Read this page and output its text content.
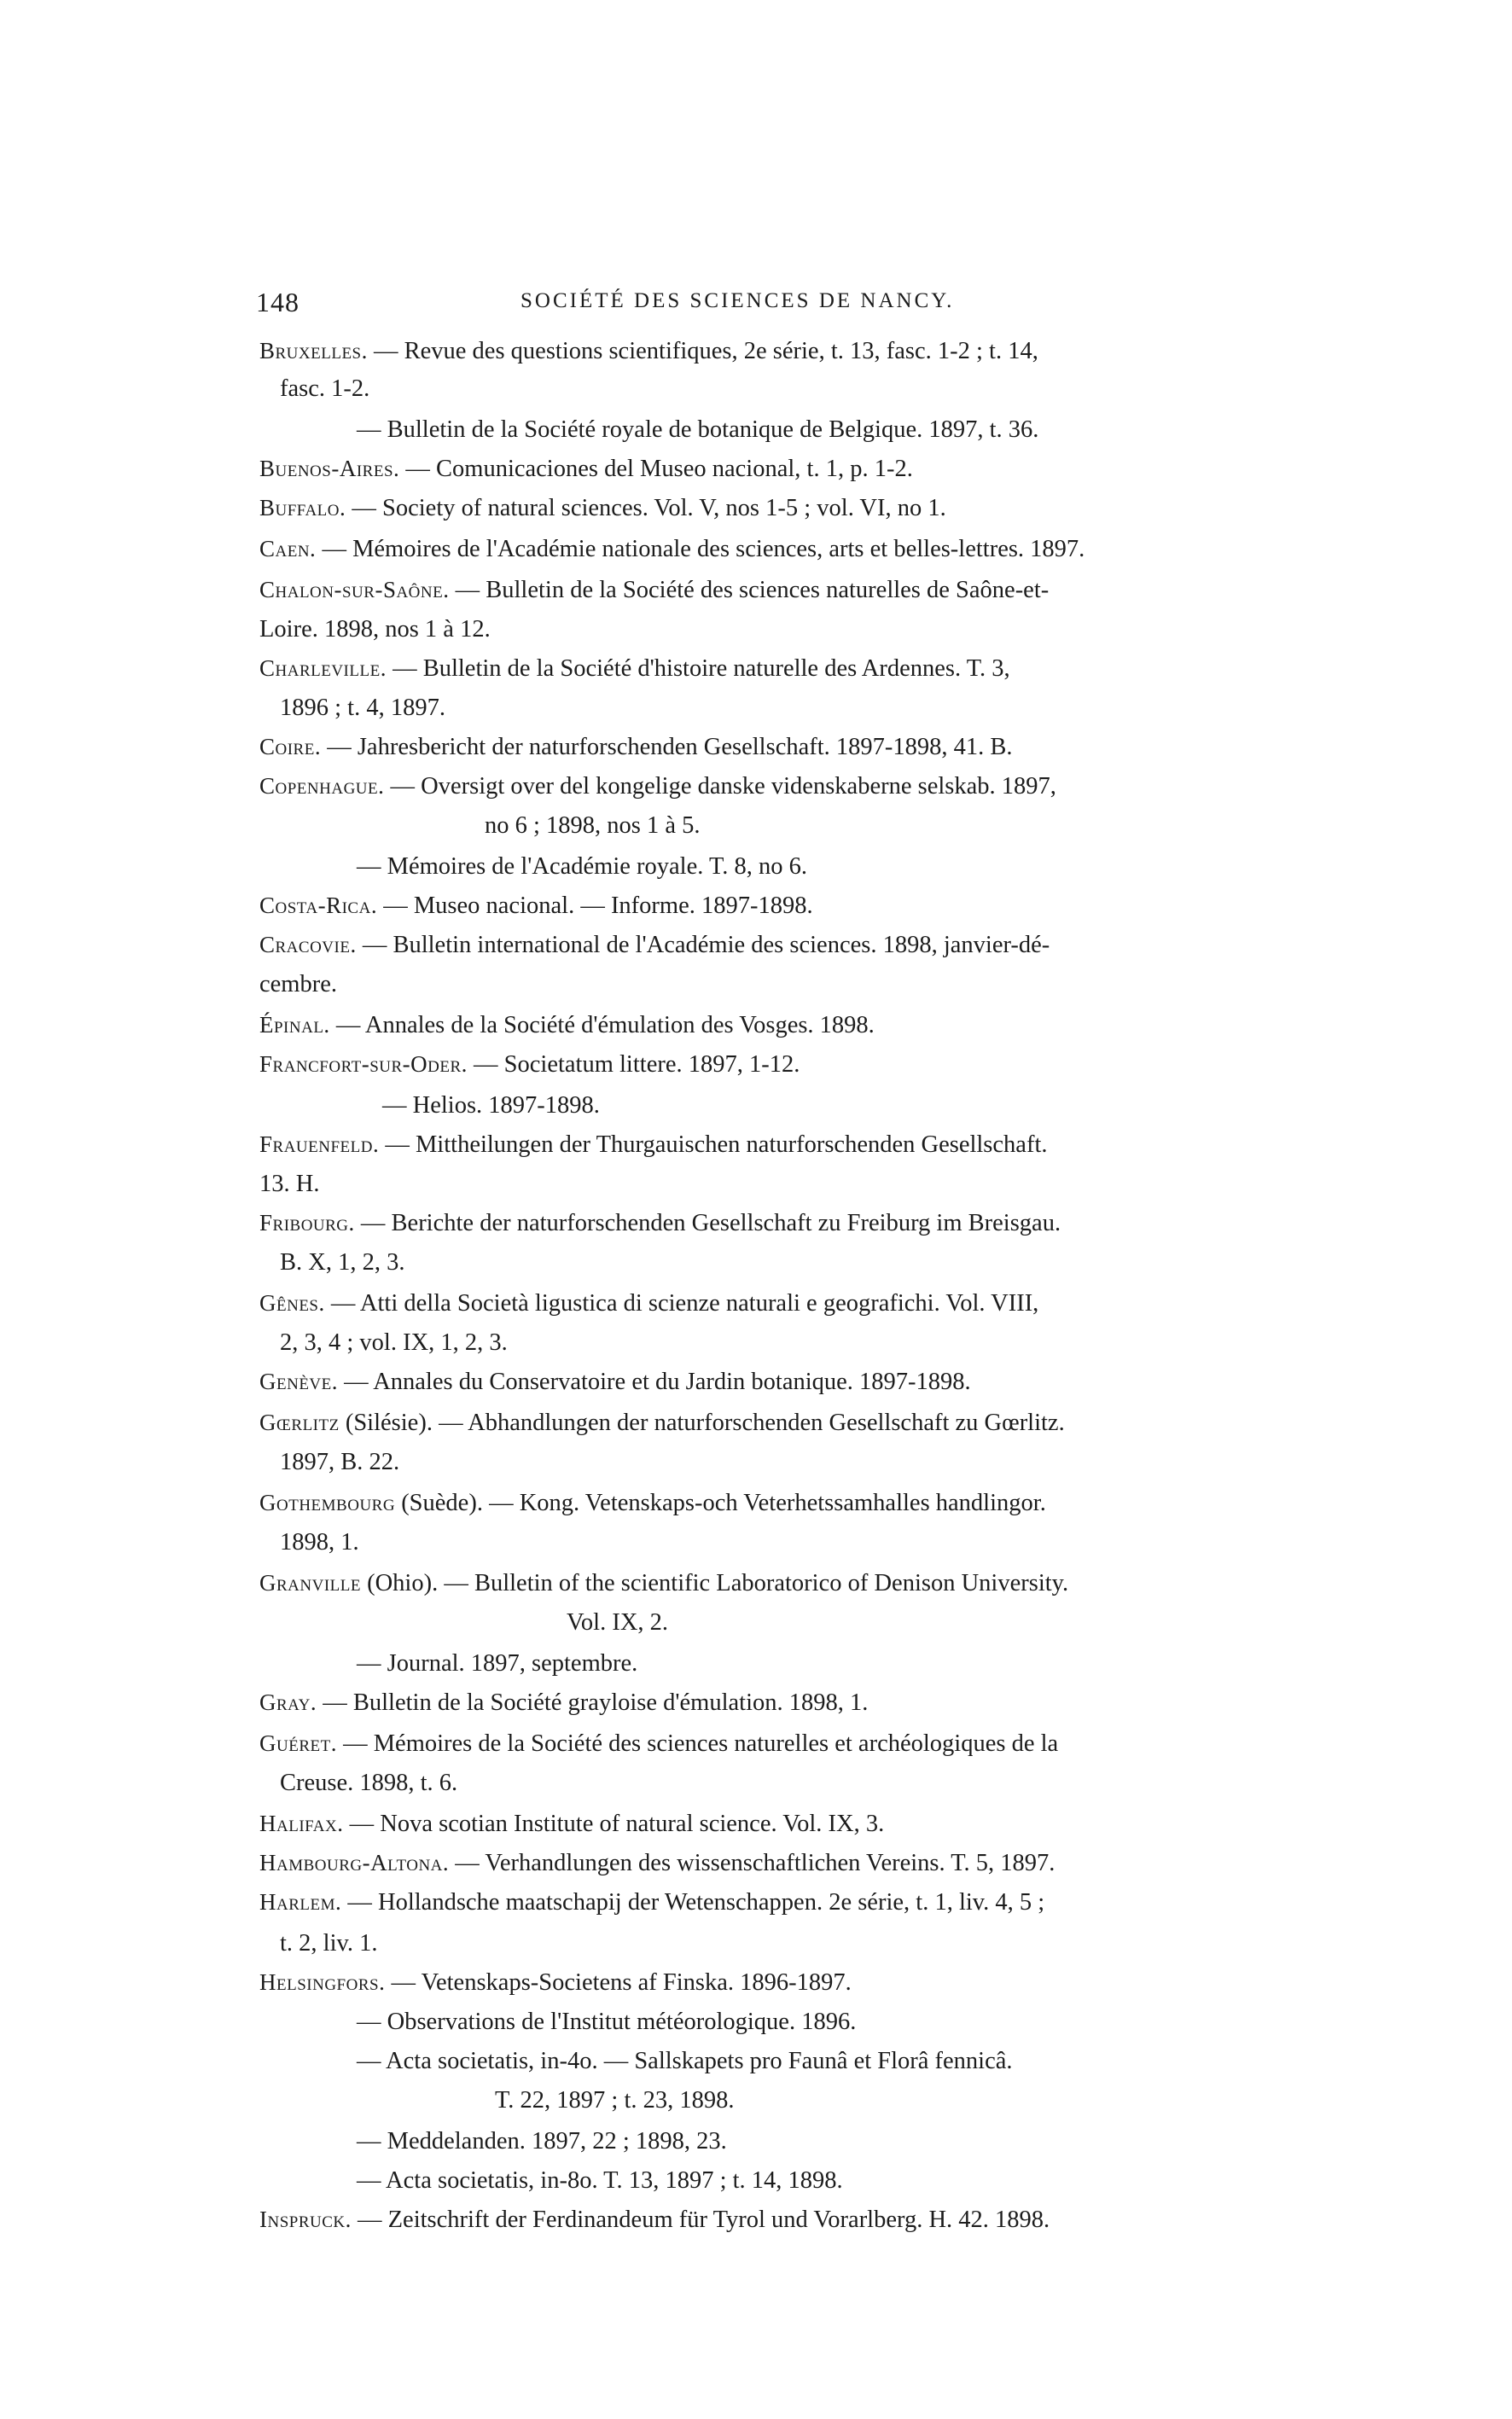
148	SOCIÉTÉ DES SCIENCES DE NANCY.
Bruxelles. — Revue des questions scientifiques, 2e série, t. 13, fasc. 1-2 ; t. 14,
fasc. 1-2.
— Bulletin de la Société royale de botanique de Belgique. 1897, t. 36.
Buenos-Aires. — Comunicaciones del Museo nacional, t. 1, p. 1-2.
Buffalo. — Society of natural sciences. Vol. V, nos 1-5 ; vol. VI, no 1.
Caen. — Mémoires de l'Académie nationale des sciences, arts et belles-lettres. 1897.
Chalon-sur-Saône. — Bulletin de la Société des sciences naturelles de Saône-et-
Loire. 1898, nos 1 à 12.
Charleville. — Bulletin de la Société d'histoire naturelle des Ardennes. T. 3,
1896 ; t. 4, 1897.
Coire. — Jahresbericht der naturforschenden Gesellschaft. 1897-1898, 41. B.
Copenhague. — Oversigt over del kongelige danske videnskaberne selskab. 1897,
no 6 ; 1898, nos 1 à 5.
— Mémoires de l'Académie royale. T. 8, no 6.
Costa-Rica. — Museo nacional. — Informe. 1897-1898.
Cracovie. — Bulletin international de l'Académie des sciences. 1898, janvier-dé-
cembre.
Épinal. — Annales de la Société d'émulation des Vosges. 1898.
Francfort-sur-Oder. — Societatum littere. 1897, 1-12.
— Helios. 1897-1898.
Frauenfeld. — Mittheilungen der Thurgauischen naturforschenden Gesellschaft.
13. H.
Fribourg. — Berichte der naturforschenden Gesellschaft zu Freiburg im Breisgau.
B. X, 1, 2, 3.
Gênes. — Atti della Società ligustica di scienze naturali e geografichi. Vol. VIII,
2, 3, 4 ; vol. IX, 1, 2, 3.
Genève. — Annales du Conservatoire et du Jardin botanique. 1897-1898.
Gœrlitz (Silésie). — Abhandlungen der naturforschenden Gesellschaft zu Gœrlitz.
1897, B. 22.
Gothembourg (Suède). — Kong. Vetenskaps-och Veterhetssamhalles handlingor.
1898, 1.
Granville (Ohio). — Bulletin of the scientific Laboratorico of Denison University.
Vol. IX, 2.
— Journal. 1897, septembre.
Gray. — Bulletin de la Société grayloise d'émulation. 1898, 1.
Guéret. — Mémoires de la Société des sciences naturelles et archéologiques de la
Creuse. 1898, t. 6.
Halifax. — Nova scotian Institute of natural science. Vol. IX, 3.
Hambourg-Altona. — Verhandlungen des wissenschaftlichen Vereins. T. 5, 1897.
Harlem. — Hollandsche maatschapij der Wetenschappen. 2e série, t. 1, liv. 4, 5 ;
t. 2, liv. 1.
Helsingfors. — Vetenskaps-Societens af Finska. 1896-1897.
— Observations de l'Institut météorologique. 1896.
— Acta societatis, in-4o. — Sallskapets pro Faunâ et Florâ fennicâ.
T. 22, 1897 ; t. 23, 1898.
— Meddelanden. 1897, 22 ; 1898, 23.
— Acta societatis, in-8o. T. 13, 1897 ; t. 14, 1898.
Inspruck. — Zeitschrift der Ferdinandeum für Tyrol und Vorarlberg. H. 42. 1898.
